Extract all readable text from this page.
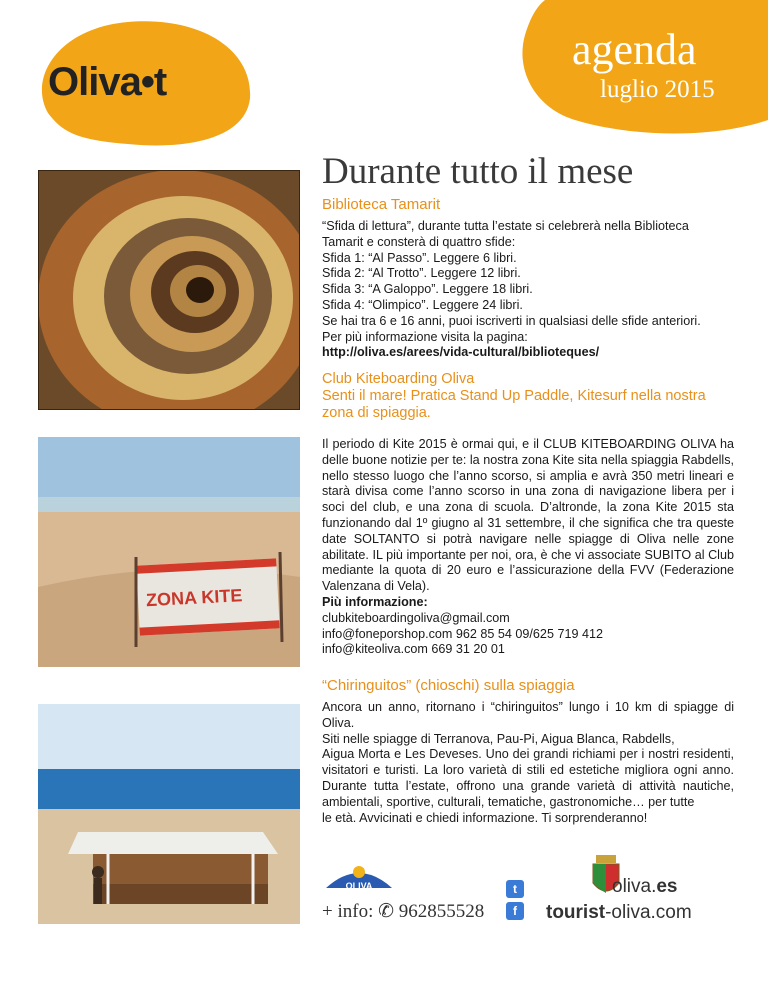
Oliva•t
agenda
luglio 2015
Durante tutto il mese
Biblioteca Tamarit

“Sfida di lettura”, durante tutta l’estate si celebrerà nella Biblioteca Tamarit e consterà di quattro sfide:

Sfida 1: “Al Passo”. Leggere 6 libri.

Sfida 2: “Al Trotto”. Leggere 12 libri.

Sfida 3: “A Galoppo”. Leggere 18 libri.

Sfida 4: “Olimpico”. Leggere 24 libri.

Se hai tra 6 e 16 anni, puoi iscriverti in qualsiasi delle sfide anteriori.

Per più informazione visita la pagina:

http://oliva.es/arees/vida-cultural/biblioteques/

Club Kiteboarding Oliva
Senti il mare! Pratica Stand Up Paddle, Kitesurf nella nostra zona di spiaggia.
ZONA KITE

Il periodo di Kite 2015 è ormai qui, e il CLUB KITEBOARDING OLIVA ha delle buone notizie per te: la nostra zona Kite sita nella spiaggia Rabdells, nello stesso luogo che l’anno scorso, si amplia e avrà 350 metri lineari e starà divisa come l’anno scorso in una zona di navigazione libera per i soci del club, e una zona di scuola. D’altronde, la zona Kite 2015 sta funzionando dal 1º giugno al 31 settembre, il che significa che tra queste date SOLTANTO si potrà navigare nelle spiagge di Oliva nelle zone abilitate. IL più importante per noi, ora, è che vi associate SUBITO al Club mediante la quota di 20 euro e l’assicurazione della FVV (Federazione Valenzana di Vela).

Più informazione:

clubkiteboardingoliva@gmail.com

info@foneporshop.com 962 85 54 09/625 719 412

info@kiteoliva.com 669 31 20 01

“Chiringuitos” (chioschi) sulla spiaggia

Ancora un anno, ritornano i “chiringuitos” lungo i 10 km di spiagge di Oliva.

Siti nelle spiagge di Terranova, Pau-Pi, Aigua Blanca, Rabdells,

Aigua Morta e Les Deveses. Uno dei grandi richiami per i nostri residenti, visitatori e turisti. La loro varietà di stili ed estetiche migliora ogni anno. Durante tutta l’estate, offrono una grande varietà di attività nautiche, ambientali, sportive, culturali, tematiche, gastronomiche… per tutte

le età. Avvicinati e chiedi informazione. Ti sorprenderanno!

OLIVA
+ info: ✆ 962855528
t
f
oliva.es
tourist-oliva.com
